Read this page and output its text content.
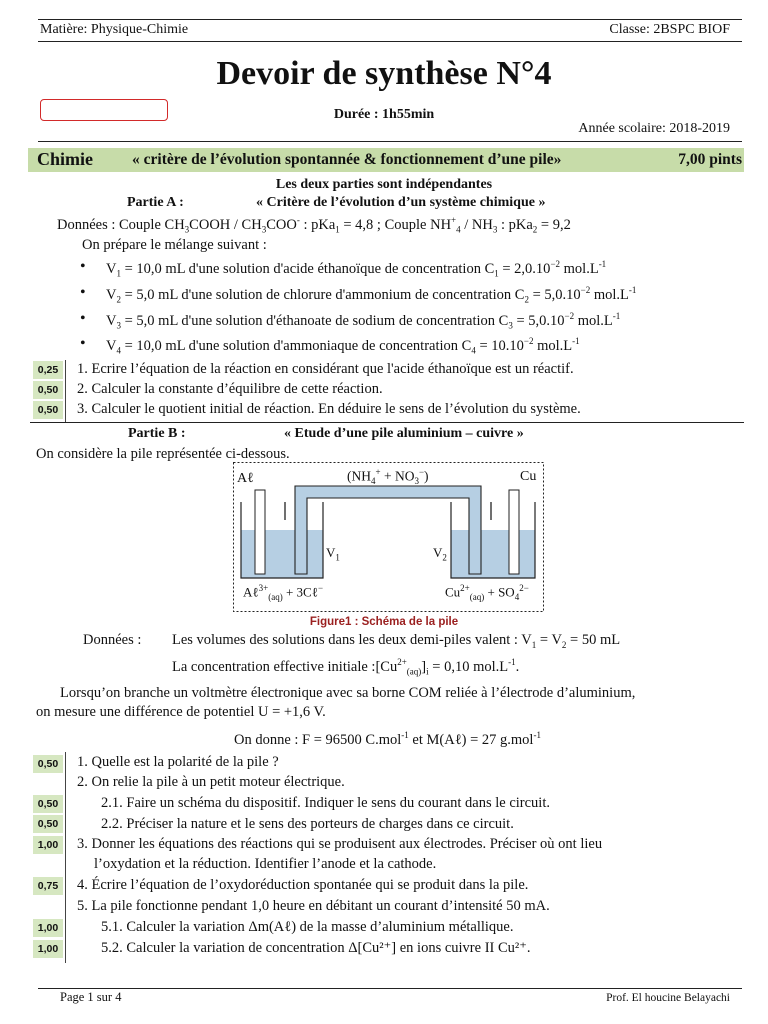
Matière: Physique-Chimie	Classe: 2BSPC BIOF
Devoir de synthèse N°4
Durée : 1h55min
Année scolaire: 2018-2019
Chimie	« critère de l’évolution spontannée & fonctionnement d’une pile»	7,00 pints
Les deux parties sont indépendantes
Partie A :	« Critère de l’évolution d’un système chimique »
Données : Couple $CH_3COOH / CH_3COO^-$ : pKa$_1$ = 4,8 ; Couple $NH^+_4 / NH_3$ : pKa$_2$ = 9,2
On prépare le mélange suivant :
• $V_1 = 10,0$ mL d'une solution d'acide éthanoïque de concentration $C_1 = 2,0.10^{-2}$ $mol.L^{-1}$
• $V_2 = 5,0$ mL d'une solution de chlorure d'ammonium de concentration $C_2 = 5,0.10^{-2}$ $mol.L^{-1}$
• $V_3 = 5,0$ mL d'une solution d'éthanoate de sodium de concentration $C_3 = 5,0.10^{-2}$ $mol.L^{-1}$
• $V_4 = 10,0$ mL d'une solution d'ammoniaque de concentration $C_4 = 10.10^{-2}$ $mol.L^{-1}$
0,25	1. Ecrire l’équation de la réaction en considérant que l'acide éthanoïque est un réactif.
0,50	2. Calculer la constante d’équilibre de cette réaction.
0,50	3. Calculer le quotient initial de réaction. En déduire le sens de l’évolution du système.
Partie B :	« Etude d’une pile aluminium – cuivre »
On considère la pile représentée ci-dessous.
$(NH_4^+ + NO_3^-)$
Aℓ	Cu
$V_1$	$V_2$
Aℓ$^{3+}_{(aq)}$ + 3Cℓ−	$Cu^{2+}_{(aq)} + SO_4^{2-}$
Figure1 : Schéma de la pile
Données : Les volumes des solutions dans les deux demi-piles valent : $V_1 = V_2 = 50$ mL
La concentration effective initiale $:[Cu^{2+}_{(aq)}]_i = 0,10$ $mol.L^{-1}$.
Lorsqu’on branche un voltmètre électronique avec sa borne COM reliée à l’électrode d’aluminium,
on mesure une différence de potentiel U = +1,6 V.
On donne : F = 96500 C.mol$^{-1}$ et M(Aℓ) = 27 g.mol$^{-1}$
0,50	1. Quelle est la polarité de la pile ?
2. On relie la pile à un petit moteur électrique.
0,50	2.1. Faire un schéma du dispositif. Indiquer le sens du courant dans le circuit.
0,50	2.2. Préciser la nature et le sens des porteurs de charges dans ce circuit.
1,00	3. Donner les équations des réactions qui se produisent aux électrodes. Préciser où ont lieu
l’oxydation et la réduction. Identifier l’anode et la cathode.
0,75	4. Écrire l’équation de l’oxydoréduction spontanée qui se produit dans la pile.
5. La pile fonctionne pendant 1,0 heure en débitant un courant d’intensité 50 mA.
1,00	5.1. Calculer la variation Δm(Aℓ) de la masse d’aluminium métallique.
1,00	5.2. Calculer la variation de concentration Δ[Cu²⁺] en ions cuivre II Cu²⁺.
Page 1 sur 4	Prof. El houcine Belayachi
